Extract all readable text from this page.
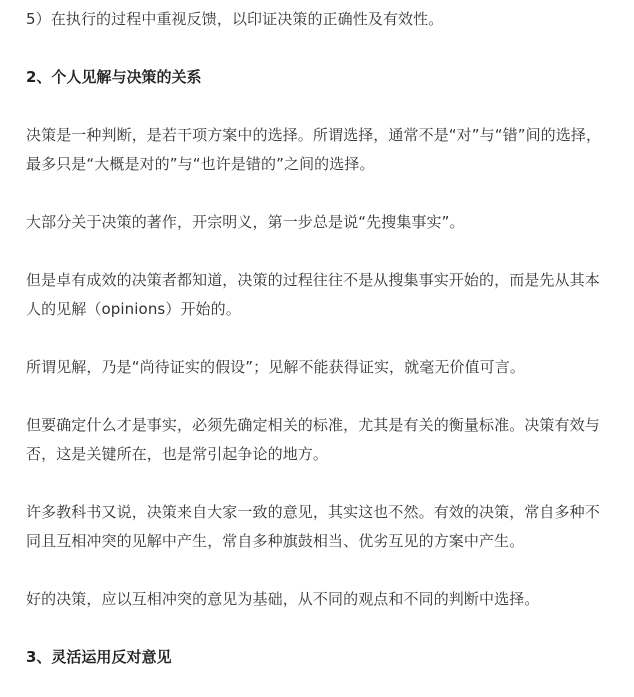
5）在执行的过程中重视反馈，以印证决策的正确性及有效性。

2、个人见解与决策的关系

决策是一种判断，是若干项方案中的选择。所谓选择，通常不是“对”与“错”间的选择，最多只是“大概是对的”与“也许是错的”之间的选择。

大部分关于决策的著作，开宗明义，第一步总是说“先搜集事实”。

但是卓有成效的决策者都知道，决策的过程往往不是从搜集事实开始的，而是先从其本人的见解（opinions）开始的。

所谓见解，乃是“尚待证实的假设”；见解不能获得证实，就毫无价值可言。

但要确定什么才是事实，必须先确定相关的标准，尤其是有关的衡量标准。决策有效与否，这是关键所在，也是常引起争论的地方。

许多教科书又说，决策来自大家一致的意见，其实这也不然。有效的决策，常自多种不同且互相冲突的见解中产生，常自多种旗鼓相当、优劣互见的方案中产生。

好的决策，应以互相冲突的意见为基础，从不同的观点和不同的判断中选择。

3、灵活运用反对意见
